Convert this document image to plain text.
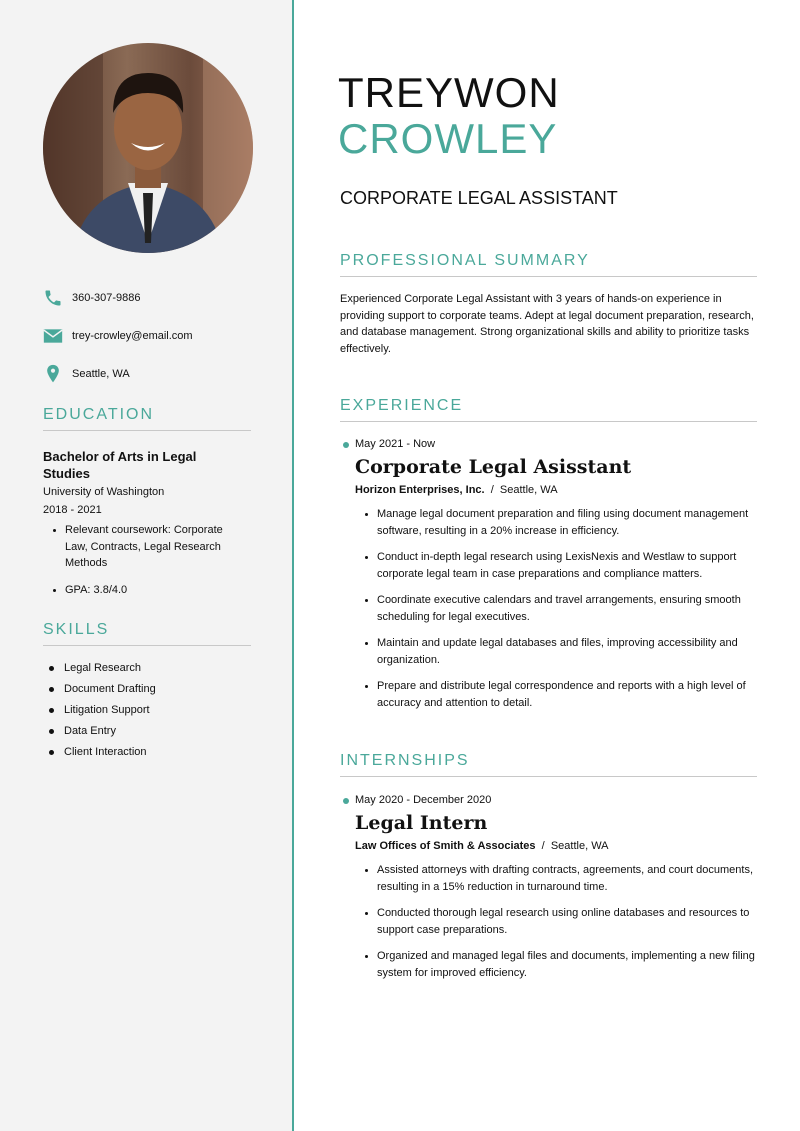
360-307-9886
trey-crowley@email.com
Seattle, WA
EDUCATION
Bachelor of Arts in Legal Studies
University of Washington
2018 - 2021
Relevant coursework: Corporate Law, Contracts, Legal Research Methods
GPA: 3.8/4.0
SKILLS
Legal Research
Document Drafting
Litigation Support
Data Entry
Client Interaction
TREYWON
CROWLEY
CORPORATE LEGAL ASSISTANT
PROFESSIONAL SUMMARY

Experienced Corporate Legal Assistant with 3 years of hands-on experience in providing support to corporate teams. Adept at legal document preparation, research, and database management. Strong organizational skills and ability to prioritize tasks effectively.

EXPERIENCE
May 2021 - Now
Corporate Legal Asisstant
Horizon Enterprises, Inc. / Seattle, WA
Manage legal document preparation and filing using document management software, resulting in a 20% increase in efficiency.
Conduct in-depth legal research using LexisNexis and Westlaw to support corporate legal team in case preparations and compliance matters.
Coordinate executive calendars and travel arrangements, ensuring smooth scheduling for legal executives.
Maintain and update legal databases and files, improving accessibility and organization.
Prepare and distribute legal correspondence and reports with a high level of accuracy and attention to detail.
INTERNSHIPS
May 2020 - December 2020
Legal Intern
Law Offices of Smith & Associates / Seattle, WA
Assisted attorneys with drafting contracts, agreements, and court documents, resulting in a 15% reduction in turnaround time.
Conducted thorough legal research using online databases and resources to support case preparations.
Organized and managed legal files and documents, implementing a new filing system for improved efficiency.
